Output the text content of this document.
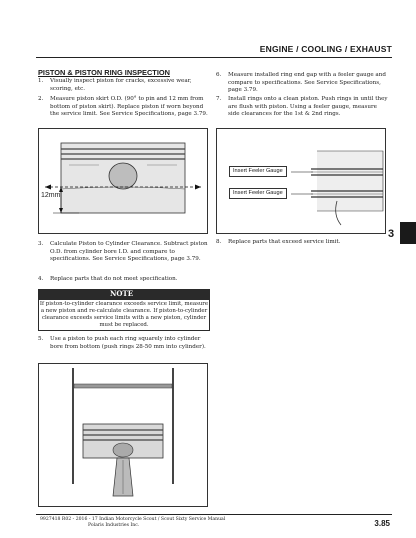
ENGINE / COOLING / EXHAUST
PISTON & PISTON RING INSPECTION
1. Visually inspect piston for cracks, excessive wear, scoring, etc.
2. Measure piston skirt O.D. (90° to pin and 12 mm from bottom of piston skirt). Replace piston if worn beyond the service limit. See Service Specifications, page 3.79.
12mm
3. Calculate Piston to Cylinder Clearance. Subtract piston O.D. from cylinder bore I.D. and compare to specifications. See Service Specifications, page 3.79.
4. Replace parts that do not meet specification.
NOTE
If piston-to-cylinder clearance exceeds service limit, measure a new piston and re-calculate clearance. If piston-to-cylinder clearance exceeds service limits with a new piston, cylinder must be replaced.
5. Use a piston to push each ring squarely into cylinder bore from bottom (push rings 28-50 mm into cylinder).
6. Measure installed ring end gap with a feeler gauge and compare to specifications. See Service Specifications, page 3.79.
7. Install rings onto a clean piston. Push rings in until they are flush with piston. Using a feeler gauge, measure side clearances for the 1st & 2nd rings.
Insert Feeler Gauge
Insert Feeler Gauge
8. Replace parts that exceed service limit.
3
9927418 R02 - 2016 - 17 Indian Motorcycle Scout / Scout Sixty Service Manual
Polaris Industries Inc.	3.85
